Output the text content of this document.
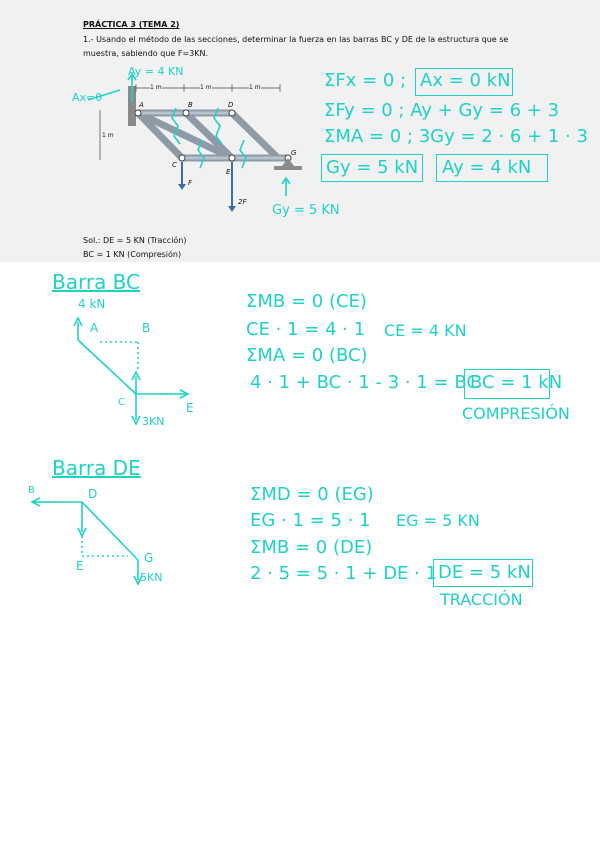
PRÁCTICA 3 (TEMA 2)
1.- Usando el método de las secciones, determinar la fuerza en las barras BC y DE de la estructura que se muestra, sabiendo que F=3KN.
Sol.: DE = 5 KN (Tracción)
BC = 1 KN (Compresión)
A	B	D
C
E
G
F
2F
1 m	1 m	1 m
1 m
Ay = 4 KN
Ax=0
Gy = 5 KN
ΣFx = 0 ; Ax = 0 kN
ΣFy = 0 ; Ay + Gy = 6 + 3
ΣMA = 0 ; 3Gy = 2 · 6 + 1 · 3
Gy = 5 kN Ay = 4 kN
Barra BC
4 kN
A	B
C	E
3KN
ΣMB = 0 (CE)
CE · 1 = 4 · 1 CE = 4 KN
ΣMA = 0 (BC)
4 · 1 + BC · 1 - 3 · 1 = BC
BC = 1 kN
COMPRESIÓN
Barra DE
B	D
E
G
5KN
ΣMD = 0 (EG)
EG · 1 = 5 · 1 EG = 5 KN
ΣMB = 0 (DE)
2 · 5 = 5 · 1 + DE · 1 DE = 5 kN
TRACCIÓN
